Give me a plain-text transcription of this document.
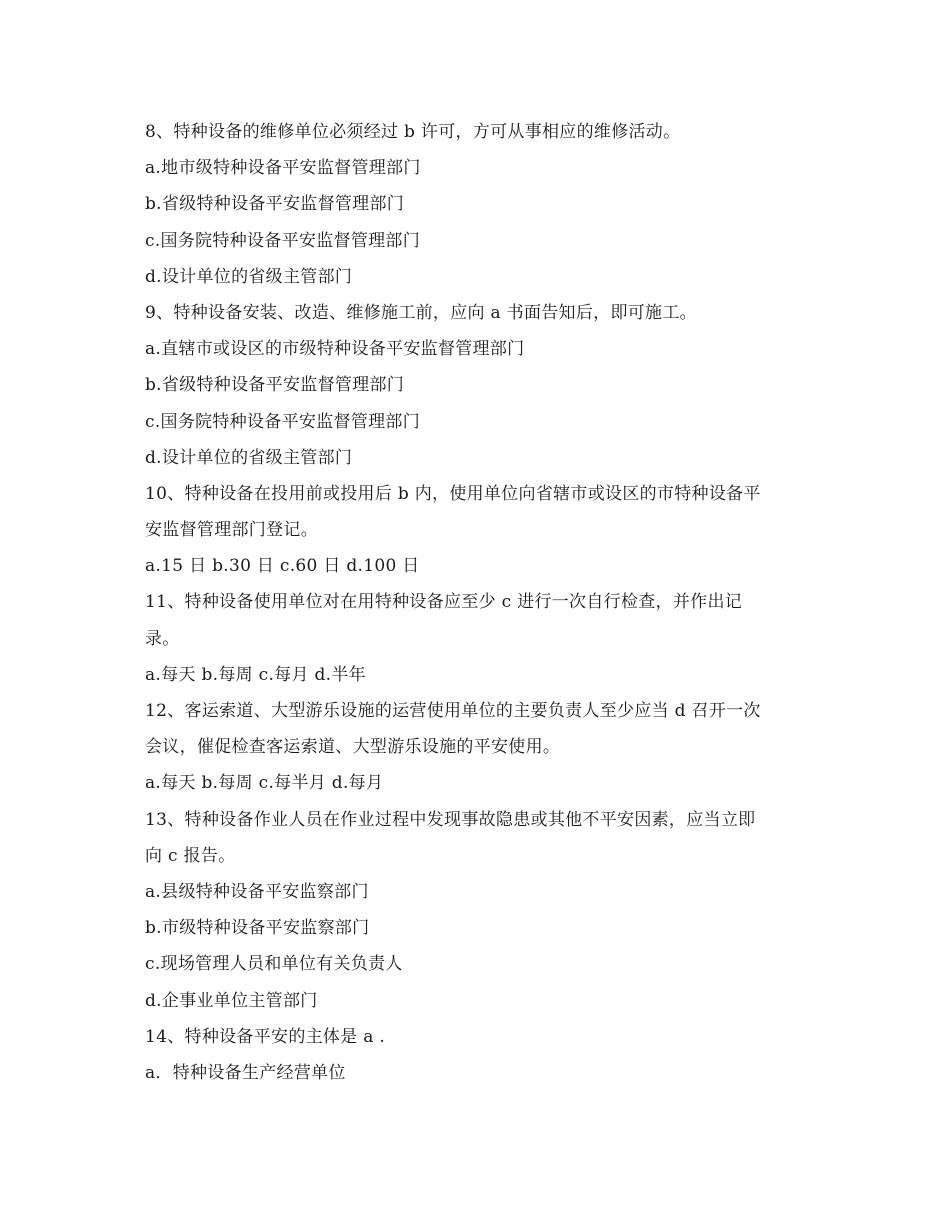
8、特种设备的维修单位必须经过 b 许可，方可从事相应的维修活动。
a.地市级特种设备平安监督管理部门
b.省级特种设备平安监督管理部门
c.国务院特种设备平安监督管理部门
d.设计单位的省级主管部门
9、特种设备安装、改造、维修施工前，应向 a 书面告知后，即可施工。
a.直辖市或设区的市级特种设备平安监督管理部门
b.省级特种设备平安监督管理部门
c.国务院特种设备平安监督管理部门
d.设计单位的省级主管部门
10、特种设备在投用前或投用后 b 内，使用单位向省辖市或设区的市特种设备平
安监督管理部门登记。
a.15 日 b.30 日 c.60 日 d.100 日
11、特种设备使用单位对在用特种设备应至少 c 进行一次自行检查，并作出记
录。
a.每天 b.每周 c.每月 d.半年
12、客运索道、大型游乐设施的运营使用单位的主要负责人至少应当 d 召开一次
会议，催促检查客运索道、大型游乐设施的平安使用。
a.每天 b.每周 c.每半月 d.每月
13、特种设备作业人员在作业过程中发现事故隐患或其他不平安因素，应当立即
向 c 报告。
a.县级特种设备平安监察部门
b.市级特种设备平安监察部门
c.现场管理人员和单位有关负责人
d.企事业单位主管部门
14、特种设备平安的主体是 a .
a．特种设备生产经营单位
